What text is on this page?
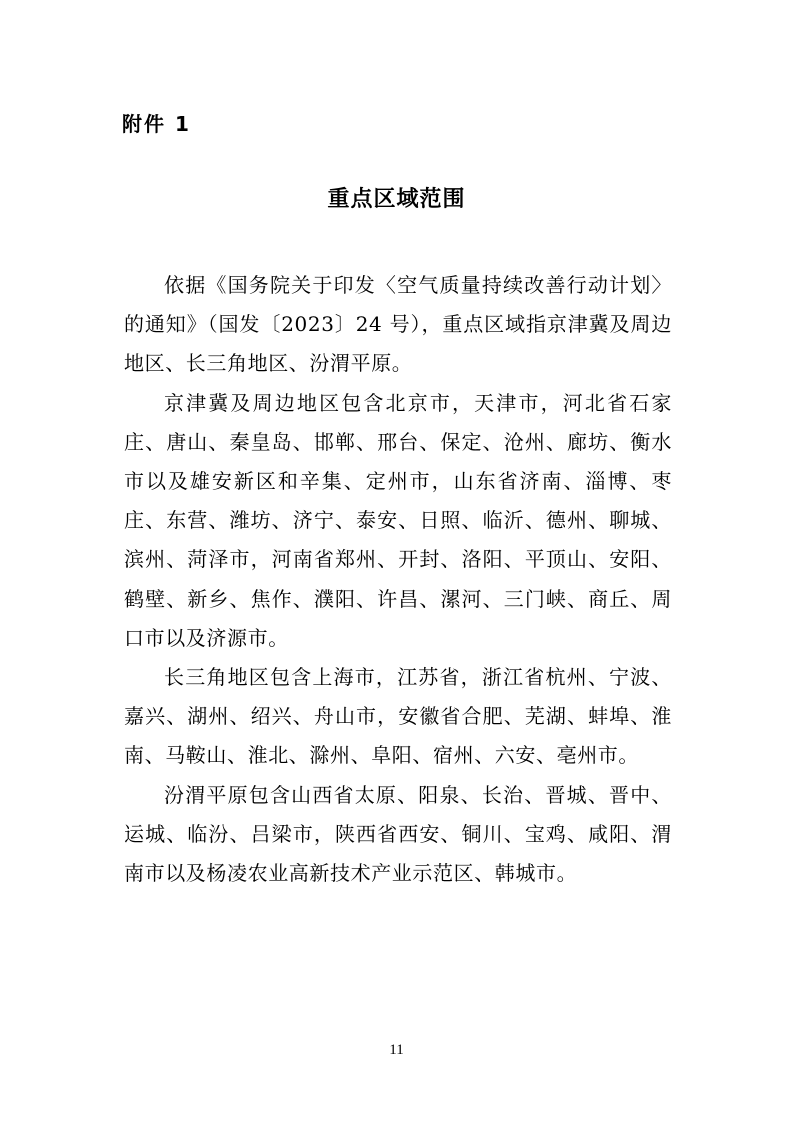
附件 1
重点区域范围

依据《国务院关于印发〈空气质量持续改善行动计划〉的通知》（国发〔2023〕24 号），重点区域指京津冀及周边地区、长三角地区、汾渭平原。

京津冀及周边地区包含北京市，天津市，河北省石家庄、唐山、秦皇岛、邯郸、邢台、保定、沧州、廊坊、衡水市以及雄安新区和辛集、定州市，山东省济南、淄博、枣庄、东营、潍坊、济宁、泰安、日照、临沂、德州、聊城、滨州、菏泽市，河南省郑州、开封、洛阳、平顶山、安阳、鹤壁、新乡、焦作、濮阳、许昌、漯河、三门峡、商丘、周口市以及济源市。

长三角地区包含上海市，江苏省，浙江省杭州、宁波、嘉兴、湖州、绍兴、舟山市，安徽省合肥、芜湖、蚌埠、淮南、马鞍山、淮北、滁州、阜阳、宿州、六安、亳州市。

汾渭平原包含山西省太原、阳泉、长治、晋城、晋中、运城、临汾、吕梁市，陕西省西安、铜川、宝鸡、咸阳、渭南市以及杨凌农业高新技术产业示范区、韩城市。

11
